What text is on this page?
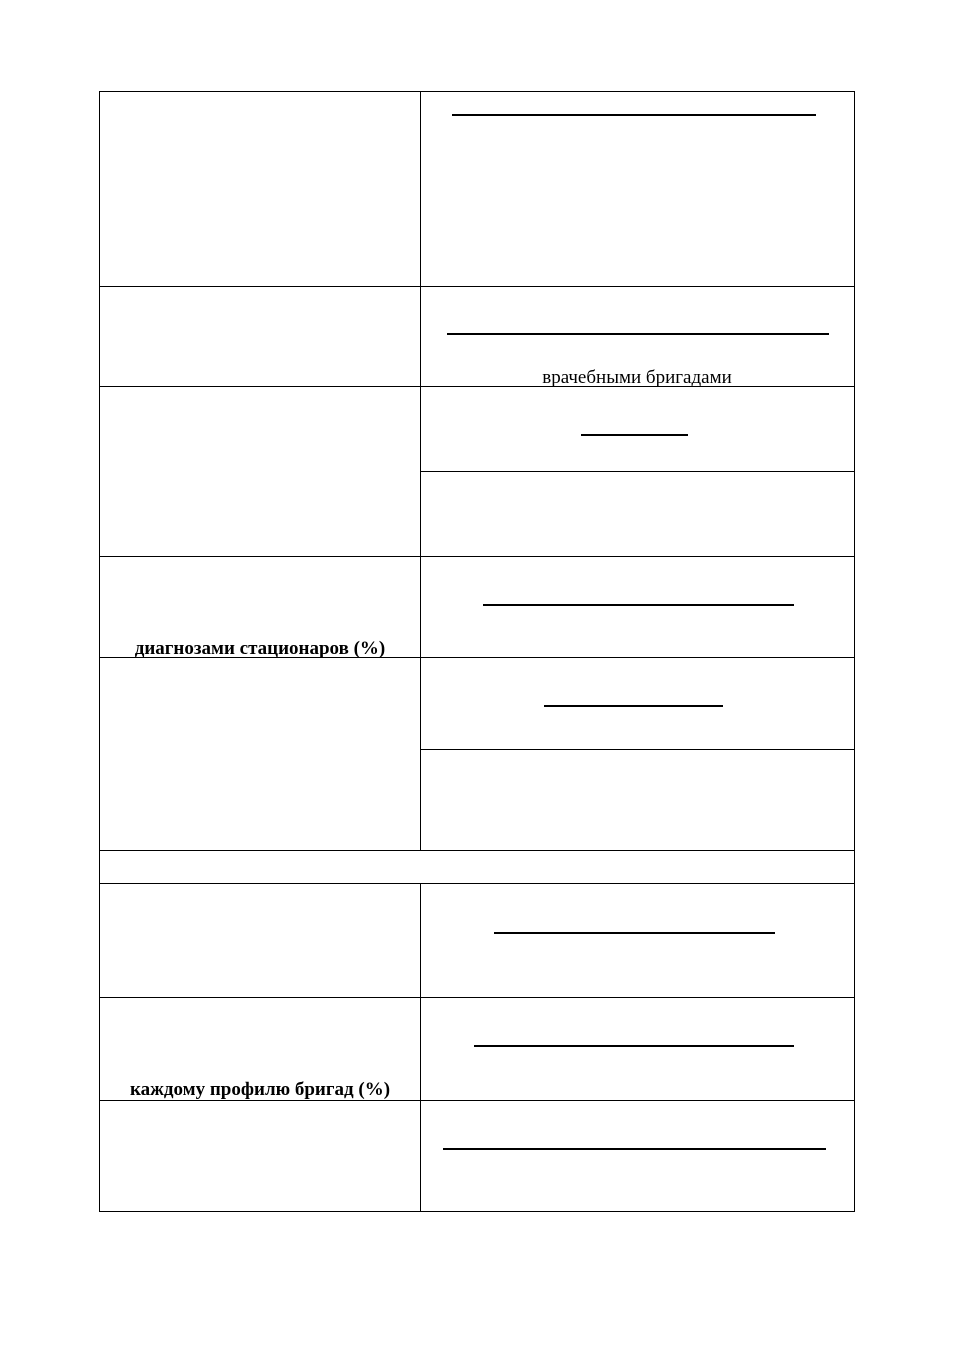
врачебными бригадами
диагнозами стационаров (%)
каждому профилю бригад (%)
